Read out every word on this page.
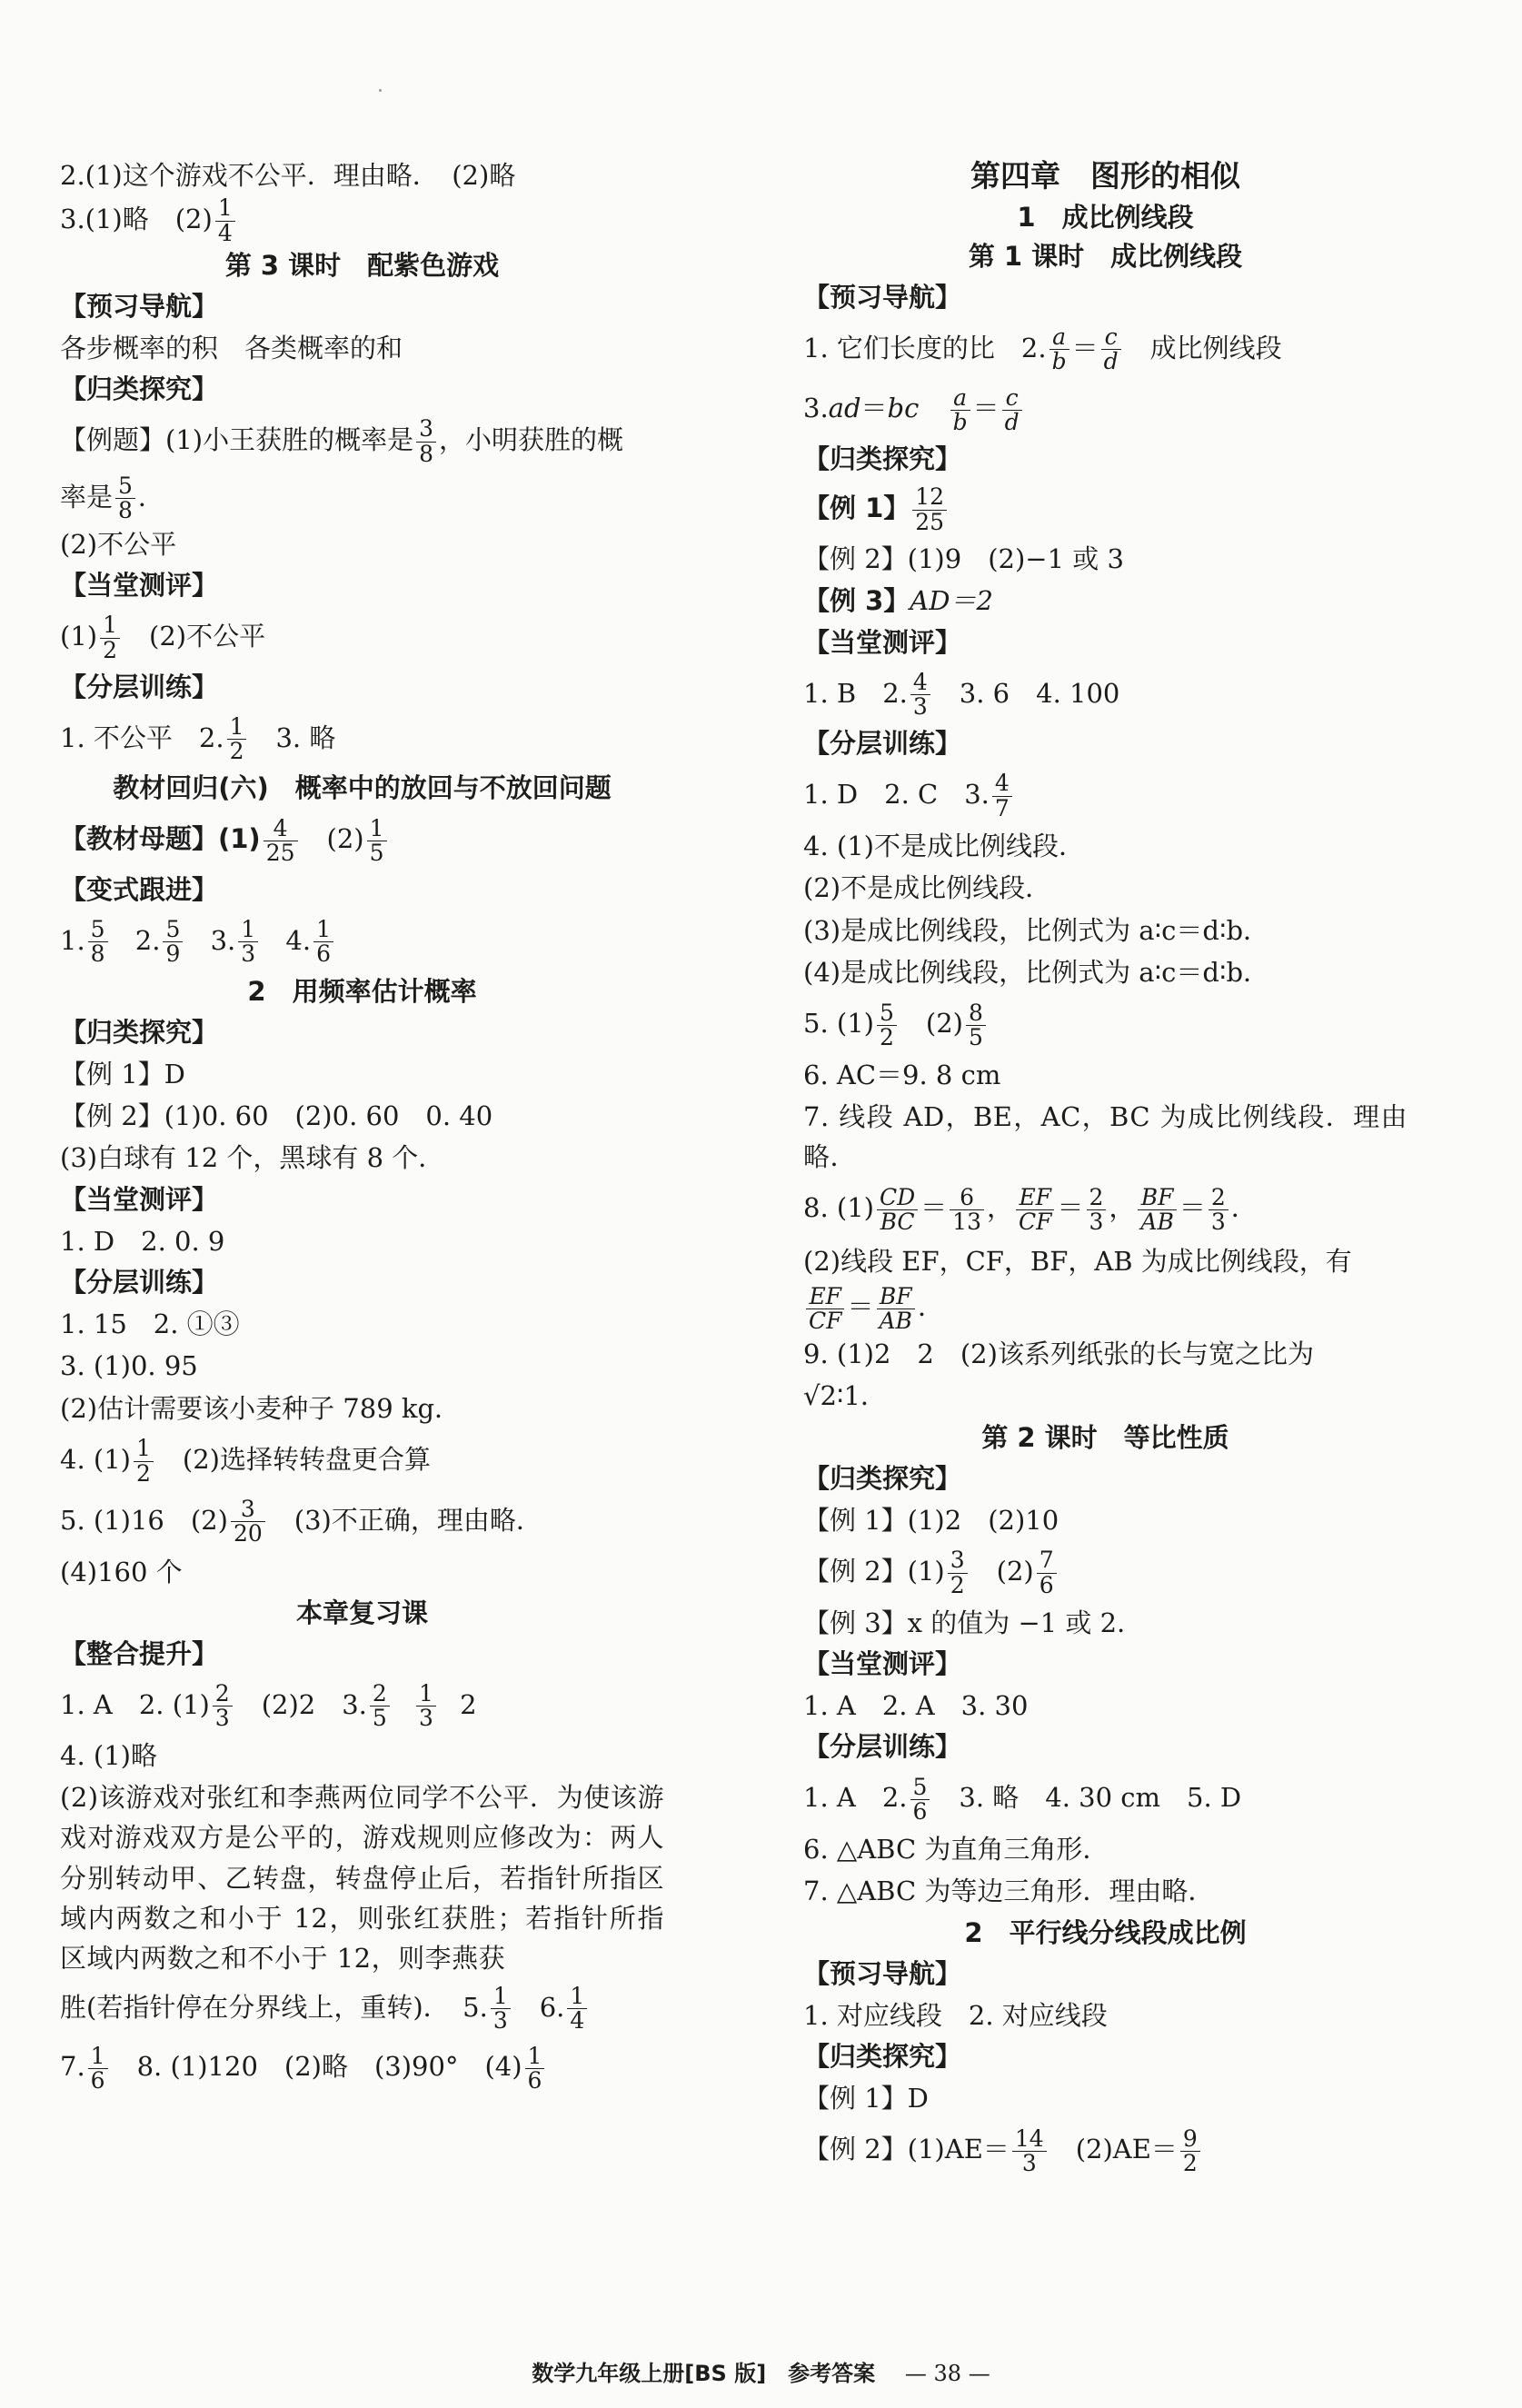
2.(1)这个游戏不公平．理由略．　(2)略

3.(1)略　$(2) \frac{1}{4}$

第 3 课时　配紫色游戏

【预习导航】

各步概率的积　各类概率的和

【归类探究】

【例题】(1)小王获胜的概率是 $\frac{3}{8}$ ，小明获胜的概

率是 $\frac{5}{8}$ ．

(2)不公平

【当堂测评】

$(1) \frac{1}{2}$ 　(2)不公平

【分层训练】

1. 不公平　2. $\frac{1}{2}$ 　3. 略

教材回归(六)　概率中的放回与不放回问题

【教材母题】$(1) \frac{4}{25}$ 　$(2) \frac{1}{5}$

【变式跟进】

1. $\frac{5}{8} 2$. $\frac{5}{9} 3$. $\frac{1}{3} 4$. $\frac{1}{6}$

2　用频率估计概率

【归类探究】

【例 1】D

【例 2】(1)0. 60　(2)0. 60　0. 40

(3)白球有 12 个，黑球有 8 个．

【当堂测评】

1. D　2. 0. 9

【分层训练】

1. 15　2. ①③

3. (1)0. 95

(2)估计需要该小麦种子 789 kg．

4. $(1) \frac{1}{2}$ 　(2)选择转转盘更合算

5. (1)16　$(2) \frac{3}{20}$ 　(3)不正确，理由略．

(4)160 个

本章复习课

【整合提升】

1. A　2. $(1) \frac{2}{3}$ 　(2)2　3. $\frac{2}{5}$
$\frac{1}{3} 2$

4. (1)略

(2)该游戏对张红和李燕两位同学不公平．为使该游戏对游戏双方是公平的，游戏规则应修改为：两人分别转动甲、乙转盘，转盘停止后，若指针所指区域内两数之和小于 12，则张红获胜；若指针所指区域内两数之和不小于 12，则李燕获

胜(若指针停在分界线上，重转)．　5. $\frac{1}{3}$ 　6. $\frac{1}{4}$

7. $\frac{1}{6}$ 　8. (1)120　(2)略　(3)90°　$(4) \frac{1}{6}$

第四章　图形的相似

1　成比例线段

第 1 课时　成比例线段

【预习导航】

1. 它们长度的比　2. $\frac{a}{b} = \frac{c}{d}$ 　成比例线段

$3.ad=bc \frac{a}{b} = \frac{c}{d}$

【归类探究】

【例 1】 $\frac{12}{25}$

【例 2】(1)9　(2)−1 或 3

【例 3】AD＝2

【当堂测评】

1. B　2. $\frac{4}{3}$ 　3. 6　4. 100

【分层训练】

1. D　2. C　3. $\frac{4}{7}$

4. (1)不是成比例线段．

(2)不是成比例线段．

(3)是成比例线段，比例式为 a∶c＝d∶b．

(4)是成比例线段，比例式为 a∶c＝d∶b．

5. $(1) \frac{5}{2}$ 　$(2) \frac{8}{5}$

6. AC＝9. 8 cm

7. 线段 AD，BE，AC，BC 为成比例线段．理由略．

8. $(1) \frac{CD}{BC} = \frac{6}{13}$ ， $\frac{EF}{CF} = \frac{2}{3}$ ， $\frac{BF}{AB} = \frac{2}{3}$ ．

(2)线段 EF，CF，BF，AB 为成比例线段，有

$\frac{EF}{CF} = \frac{BF}{AB}$ ．

9. (1)2　2　(2)该系列纸张的长与宽之比为

√2∶1．

第 2 课时　等比性质

【归类探究】

【例 1】(1)2　(2)10

【例 2】$(1) \frac{3}{2}$ 　$(2) \frac{7}{6}$

【例 3】x 的值为 −1 或 2．

【当堂测评】

1. A　2. A　3. 30

【分层训练】

1. A　2. $\frac{5}{6}$ 　3. 略　4. 30 cm　5. D

6. △ABC 为直角三角形．

7. △ABC 为等边三角形．理由略．

2　平行线分线段成比例

【预习导航】

1. 对应线段　2. 对应线段

【归类探究】

【例 1】D

【例 2】$(1)AE= \frac{14}{3}$ 　$(2)AE= \frac{9}{2}$

数学九年级上册[BS 版]　参考答案 — 38 —
